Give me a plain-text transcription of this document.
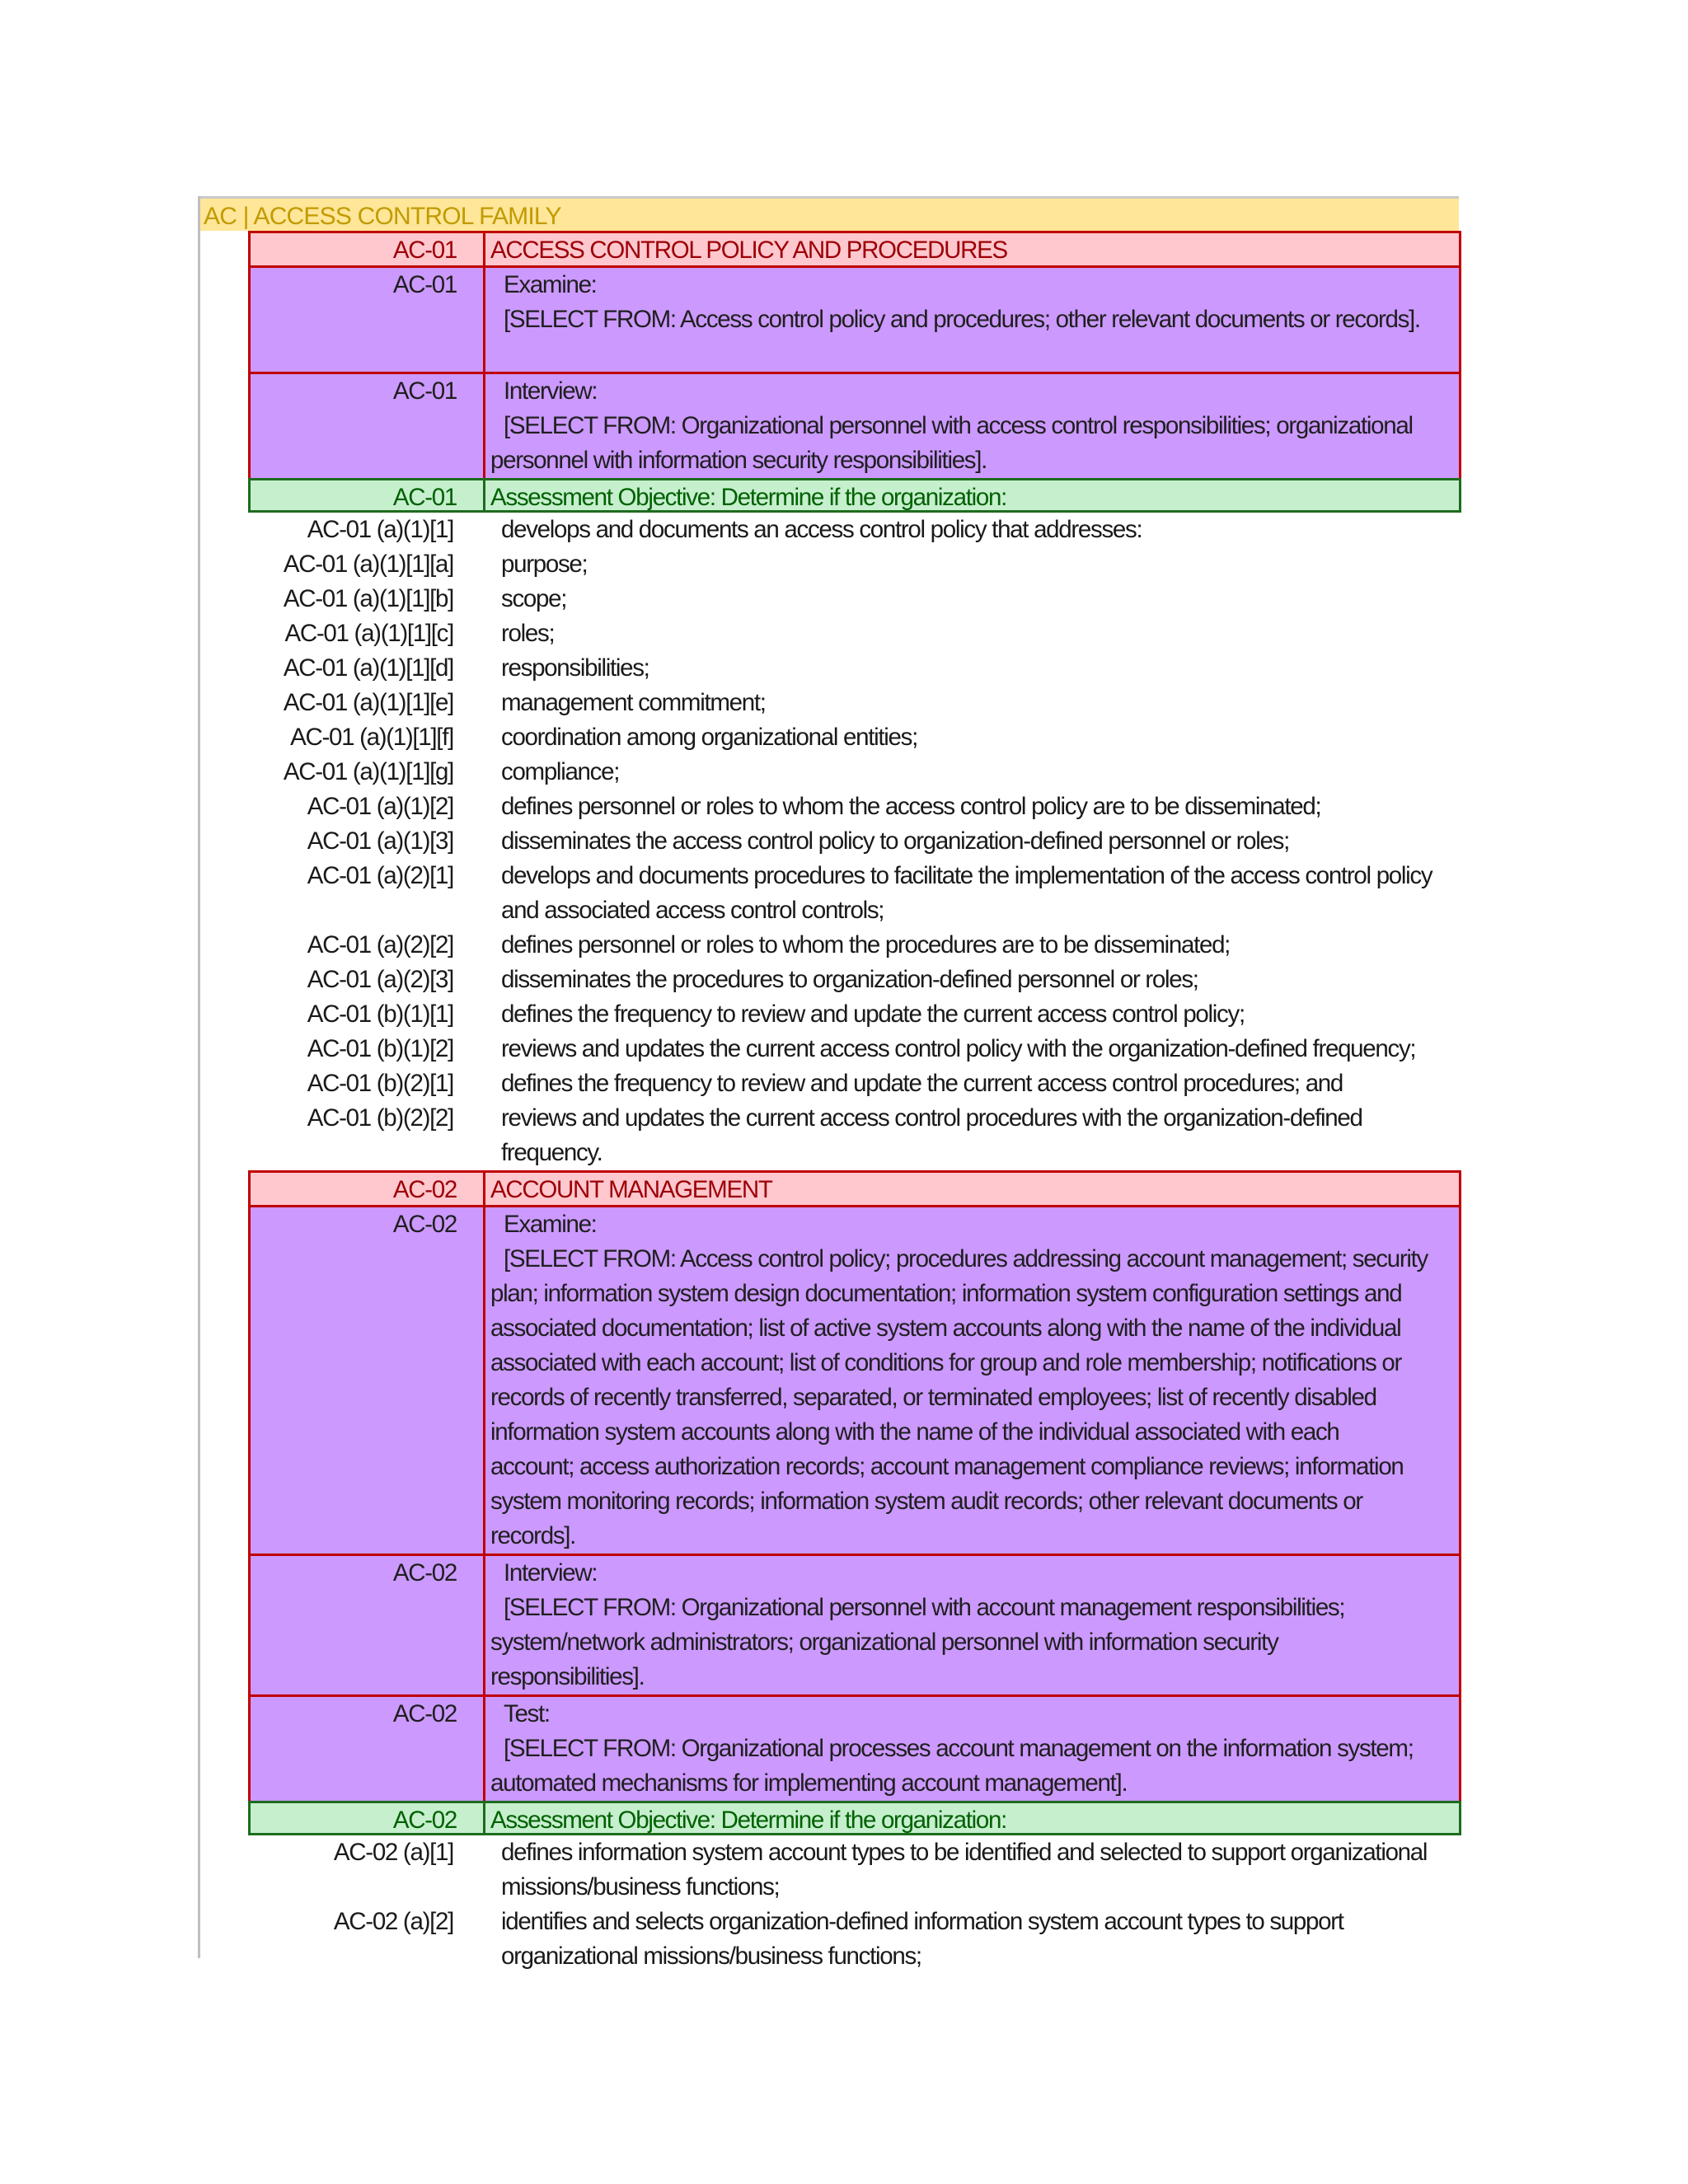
AC | ACCESS CONTROL FAMILY
AC-01	ACCESS CONTROL POLICY AND PROCEDURES
AC-01	Examine:
[SELECT FROM: Access control policy and procedures; other relevant documents or records].

AC-01	Interview:
[SELECT FROM: Organizational personnel with access control responsibilities; organizational
personnel with information security responsibilities].
AC-01	Assessment Objective: Determine if the organization:
AC-01 (a)(1)[1]	develops and documents an access control policy that addresses:
AC-01 (a)(1)[1][a]	purpose;
AC-01 (a)(1)[1][b]	scope;
AC-01 (a)(1)[1][c]	roles;
AC-01 (a)(1)[1][d]	responsibilities;
AC-01 (a)(1)[1][e]	management commitment;
AC-01 (a)(1)[1][f]	coordination among organizational entities;
AC-01 (a)(1)[1][g]	compliance;
AC-01 (a)(1)[2]	defines personnel or roles to whom the access control policy are to be disseminated;
AC-01 (a)(1)[3]	disseminates the access control policy to organization-defined personnel or roles;
AC-01 (a)(2)[1]	develops and documents procedures to facilitate the implementation of the access control policy
and associated access control controls;
AC-01 (a)(2)[2]	defines personnel or roles to whom the procedures are to be disseminated;
AC-01 (a)(2)[3]	disseminates the procedures to organization-defined personnel or roles;
AC-01 (b)(1)[1]	defines the frequency to review and update the current access control policy;
AC-01 (b)(1)[2]	reviews and updates the current access control policy with the organization-defined frequency;
AC-01 (b)(2)[1]	defines the frequency to review and update the current access control procedures; and
AC-01 (b)(2)[2]	reviews and updates the current access control procedures with the organization-defined
frequency.
AC-02	ACCOUNT MANAGEMENT
AC-02	Examine:
[SELECT FROM: Access control policy; procedures addressing account management; security
plan; information system design documentation; information system configuration settings and
associated documentation; list of active system accounts along with the name of the individual
associated with each account; list of conditions for group and role membership; notifications or
records of recently transferred, separated, or terminated employees; list of recently disabled
information system accounts along with the name of the individual associated with each
account; access authorization records; account management compliance reviews; information
system monitoring records; information system audit records; other relevant documents or
records].
AC-02	Interview:
[SELECT FROM: Organizational personnel with account management responsibilities;
system/network administrators; organizational personnel with information security
responsibilities].
AC-02	Test:
[SELECT FROM: Organizational processes account management on the information system;
automated mechanisms for implementing account management].
AC-02	Assessment Objective: Determine if the organization:
AC-02 (a)[1]	defines information system account types to be identified and selected to support organizational
missions/business functions;
AC-02 (a)[2]	identifies and selects organization-defined information system account types to support
organizational missions/business functions;
